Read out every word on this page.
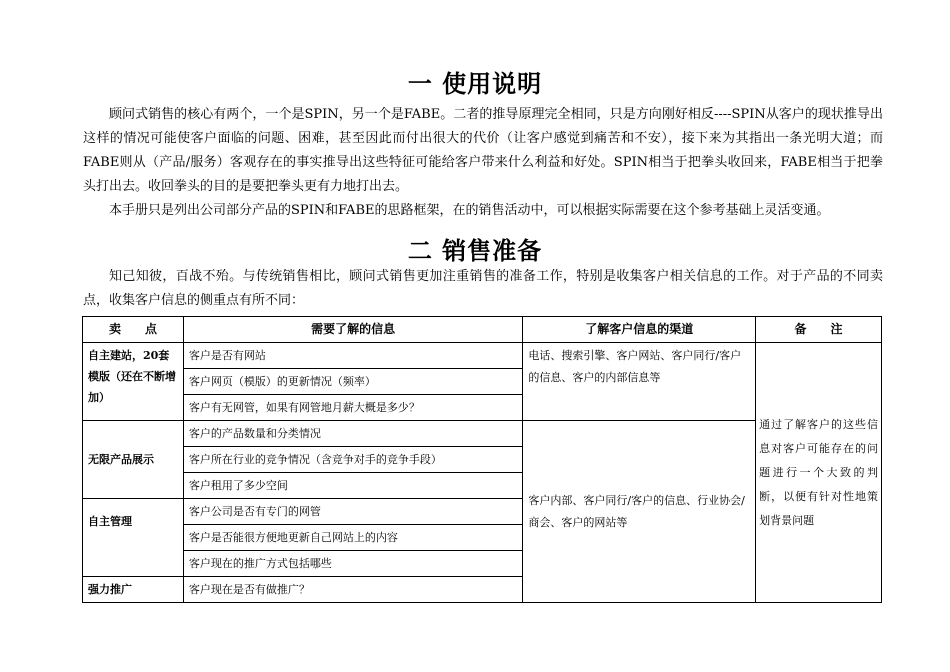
一 使用说明

顾问式销售的核心有两个，一个是SPIN，另一个是FABE。二者的推导原理完全相同，只是方向刚好相反----SPIN从客户的现状推导出这样的情况可能使客户面临的问题、困难，甚至因此而付出很大的代价（让客户感觉到痛苦和不安），接下来为其指出一条光明大道；而FABE则从（产品/服务）客观存在的事实推导出这些特征可能给客户带来什么利益和好处。SPIN相当于把拳头收回来，FABE相当于把拳头打出去。收回拳头的目的是要把拳头更有力地打出去。

本手册只是列出公司部分产品的SPIN和FABE的思路框架，在的销售活动中，可以根据实际需要在这个参考基础上灵活变通。

二 销售准备

知己知彼，百战不殆。与传统销售相比，顾问式销售更加注重销售的准备工作，特别是收集客户相关信息的工作。对于产品的不同卖点，收集客户信息的侧重点有所不同：

卖　　点	需要了解的信息	了解客户信息的渠道	备　　注
自主建站，20套模版（还在不断增加）	客户是否有网站	电话、搜索引擎、客户网站、客户同行/客户的信息、客户的内部信息等	通过了解客户的这些信息对客户可能存在的问题进行一个大致的判断，以便有针对性地策划背景问题
	客户网页（模版）的更新情况（频率）		
	客户有无网管，如果有网管地月薪大概是多少？		
无限产品展示	客户的产品数量和分类情况	客户内部、客户同行/客户的信息、行业协会/商会、客户的网站等	
	客户所在行业的竞争情况（含竞争对手的竞争手段）		
	客户租用了多少空间		
自主管理	客户公司是否有专门的网管		
	客户是否能很方便地更新自己网站上的内容		
	客户现在的推广方式包括哪些		
强力推广	客户现在是否有做推广？		
